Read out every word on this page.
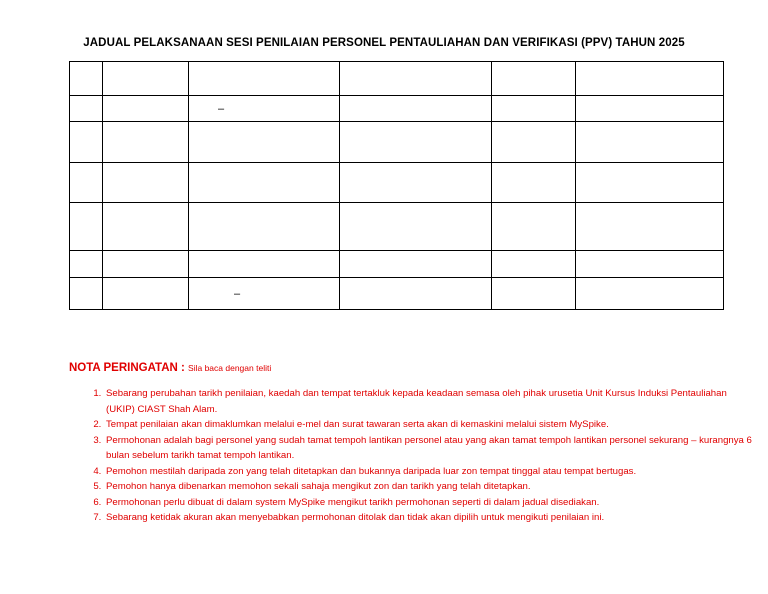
JADUAL PELAKSANAAN SESI PENILAIAN PERSONEL PENTAULIAHAN DAN VERIFIKASI (PPV) TAHUN 2025

		–			

		–			

NOTA PERINGATAN : Sila baca dengan teliti
1. Sebarang perubahan tarikh penilaian, kaedah dan tempat tertakluk kepada keadaan semasa oleh pihak urusetia Unit Kursus Induksi Pentauliahan (UKIP) CIAST Shah Alam.
2. Tempat penilaian akan dimaklumkan melalui e-mel dan surat tawaran serta akan di kemaskini melalui sistem MySpike.
3. Permohonan adalah bagi personel yang sudah tamat tempoh lantikan personel atau yang akan tamat tempoh lantikan personel sekurang – kurangnya 6 bulan sebelum tarikh tamat tempoh lantikan.
4. Pemohon mestilah daripada zon yang telah ditetapkan dan bukannya daripada luar zon tempat tinggal atau tempat bertugas.
5. Pemohon hanya dibenarkan memohon sekali sahaja mengikut zon dan tarikh yang telah ditetapkan.
6. Permohonan perlu dibuat di dalam system MySpike mengikut tarikh permohonan seperti di dalam jadual disediakan.
7. Sebarang ketidak akuran akan menyebabkan permohonan ditolak dan tidak akan dipilih untuk mengikuti penilaian ini.
